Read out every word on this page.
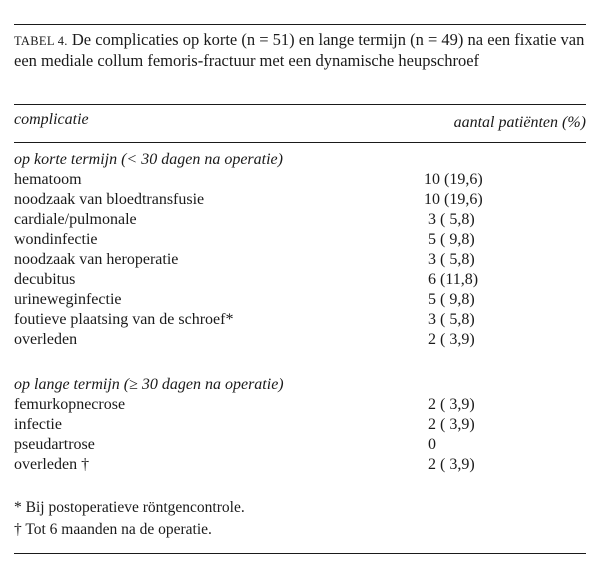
TABEL 4. De complicaties op korte (n = 51) en lange termijn (n = 49) na een fixatie van een mediale collum femoris-fractuur met een dynamische heupschroef
complicatie	aantal patiënten (%)
op korte termijn (< 30 dagen na operatie)
hematoom	10 (19,6)
noodzaak van bloedtransfusie	10 (19,6)
cardiale/pulmonale	3 ( 5,8)
wondinfectie	5 ( 9,8)
noodzaak van heroperatie	3 ( 5,8)
decubitus	6 (11,8)
urineweginfectie	5 ( 9,8)
foutieve plaatsing van de schroef*	3 ( 5,8)
overleden	2 ( 3,9)
op lange termijn (≥ 30 dagen na operatie)
femurkopnecrose	2 ( 3,9)
infectie	2 ( 3,9)
pseudartrose	0
overleden †	2 ( 3,9)
* Bij postoperatieve röntgencontrole.
† Tot 6 maanden na de operatie.
